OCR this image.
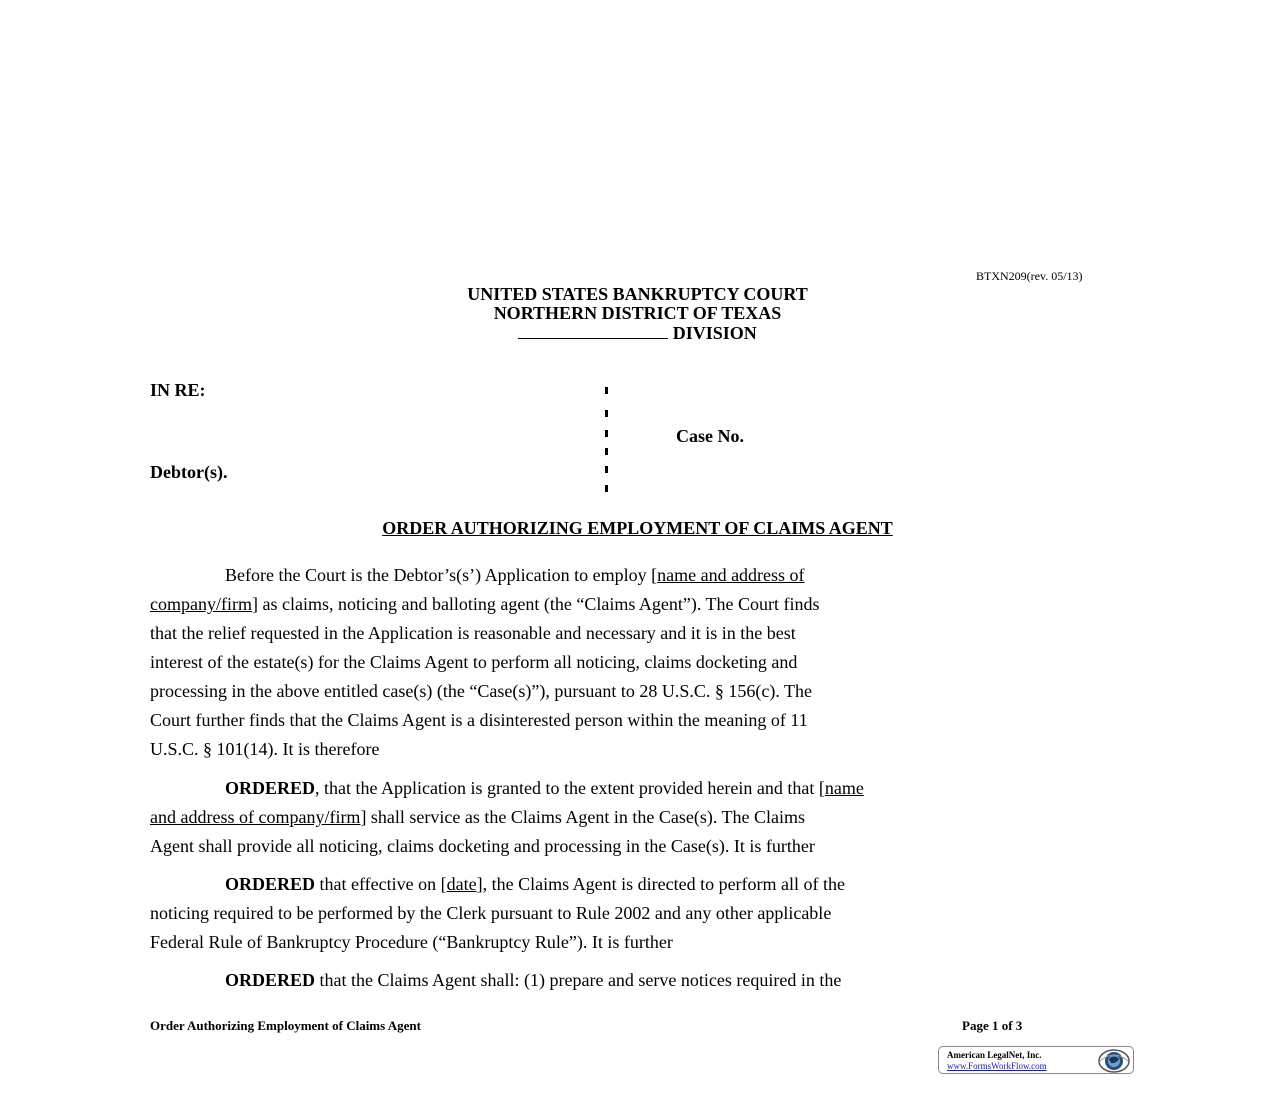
BTXN209(rev. 05/13)
UNITED STATES BANKRUPTCY COURT
NORTHERN DISTRICT OF TEXAS
DIVISION
IN RE:
Debtor(s).
Case No.
ORDER AUTHORIZING EMPLOYMENT OF CLAIMS AGENT

Before the Court is the Debtor’s(s’) Application to employ [name and address of

company/firm] as claims, noticing and balloting agent (the “Claims Agent”). The Court finds

that the relief requested in the Application is reasonable and necessary and it is in the best

interest of the estate(s) for the Claims Agent to perform all noticing, claims docketing and

processing in the above entitled case(s) (the “Case(s)”), pursuant to 28 U.S.C. § 156(c). The

Court further finds that the Claims Agent is a disinterested person within the meaning of 11

U.S.C. § 101(14). It is therefore

ORDERED, that the Application is granted to the extent provided herein and that [name

and address of company/firm] shall service as the Claims Agent in the Case(s). The Claims

Agent shall provide all noticing, claims docketing and processing in the Case(s). It is further

ORDERED that effective on [date], the Claims Agent is directed to perform all of the

noticing required to be performed by the Clerk pursuant to Rule 2002 and any other applicable

Federal Rule of Bankruptcy Procedure (“Bankruptcy Rule”). It is further

ORDERED that the Claims Agent shall: (1) prepare and serve notices required in the

Order Authorizing Employment of Claims Agent	Page 1 of 3
American LegalNet, Inc.
www.FormsWorkFlow.com
